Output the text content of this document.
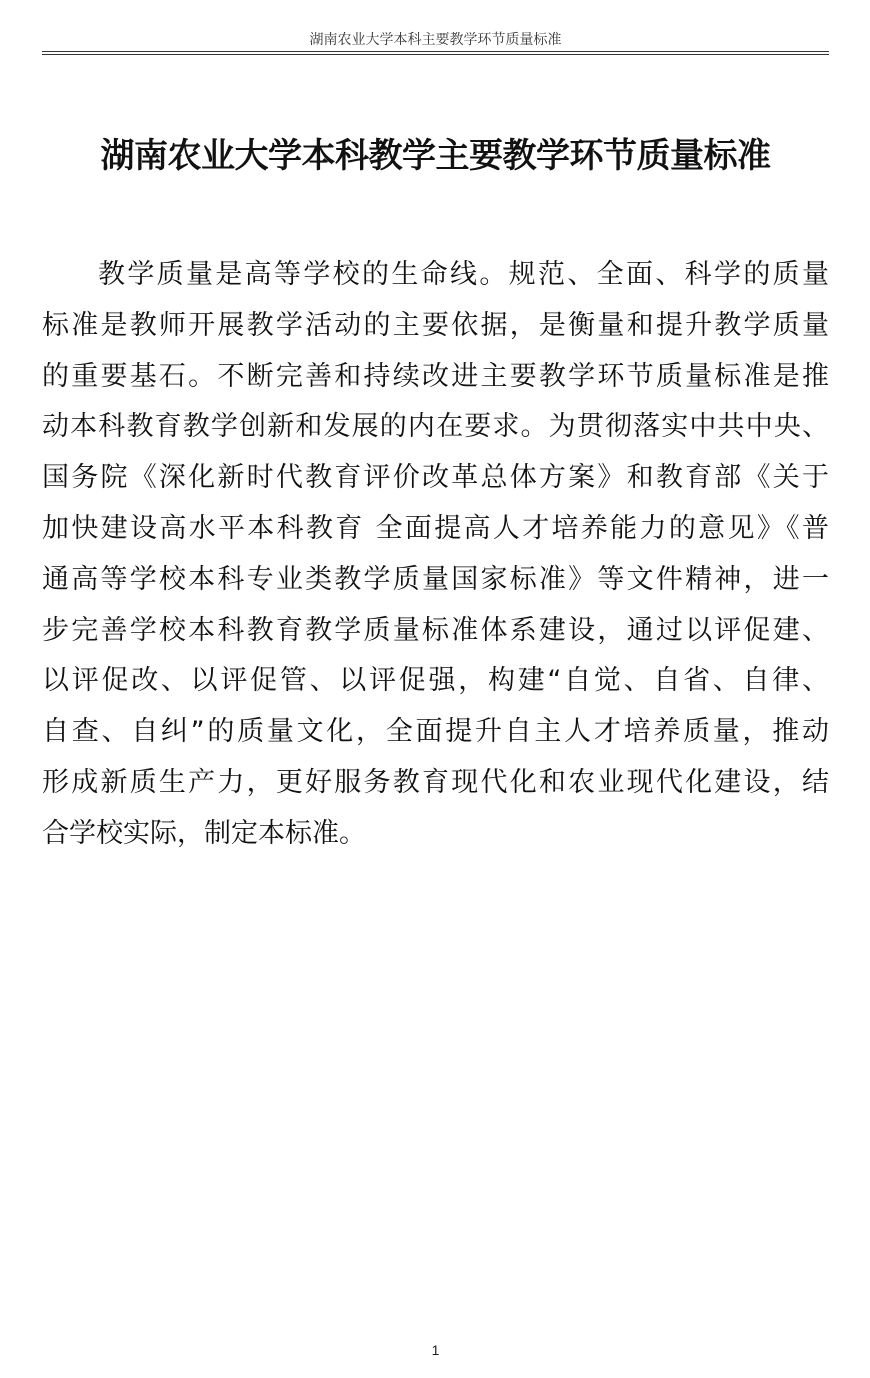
湖南农业大学本科主要教学环节质量标准
湖南农业大学本科教学主要教学环节质量标准
教学质量是高等学校的生命线。规范、全面、科学的质量
标准是教师开展教学活动的主要依据，是衡量和提升教学质量
的重要基石。不断完善和持续改进主要教学环节质量标准是推
动本科教育教学创新和发展的内在要求。为贯彻落实中共中央、
国务院《深化新时代教育评价改革总体方案》和教育部《关于
加快建设高水平本科教育 全面提高人才培养能力的意见》《普
通高等学校本科专业类教学质量国家标准》等文件精神，进一
步完善学校本科教育教学质量标准体系建设，通过以评促建、
以评促改、以评促管、以评促强，构建“自觉、自省、自律、
自查、自纠”的质量文化，全面提升自主人才培养质量，推动
形成新质生产力，更好服务教育现代化和农业现代化建设，结
合学校实际，制定本标准。
1
